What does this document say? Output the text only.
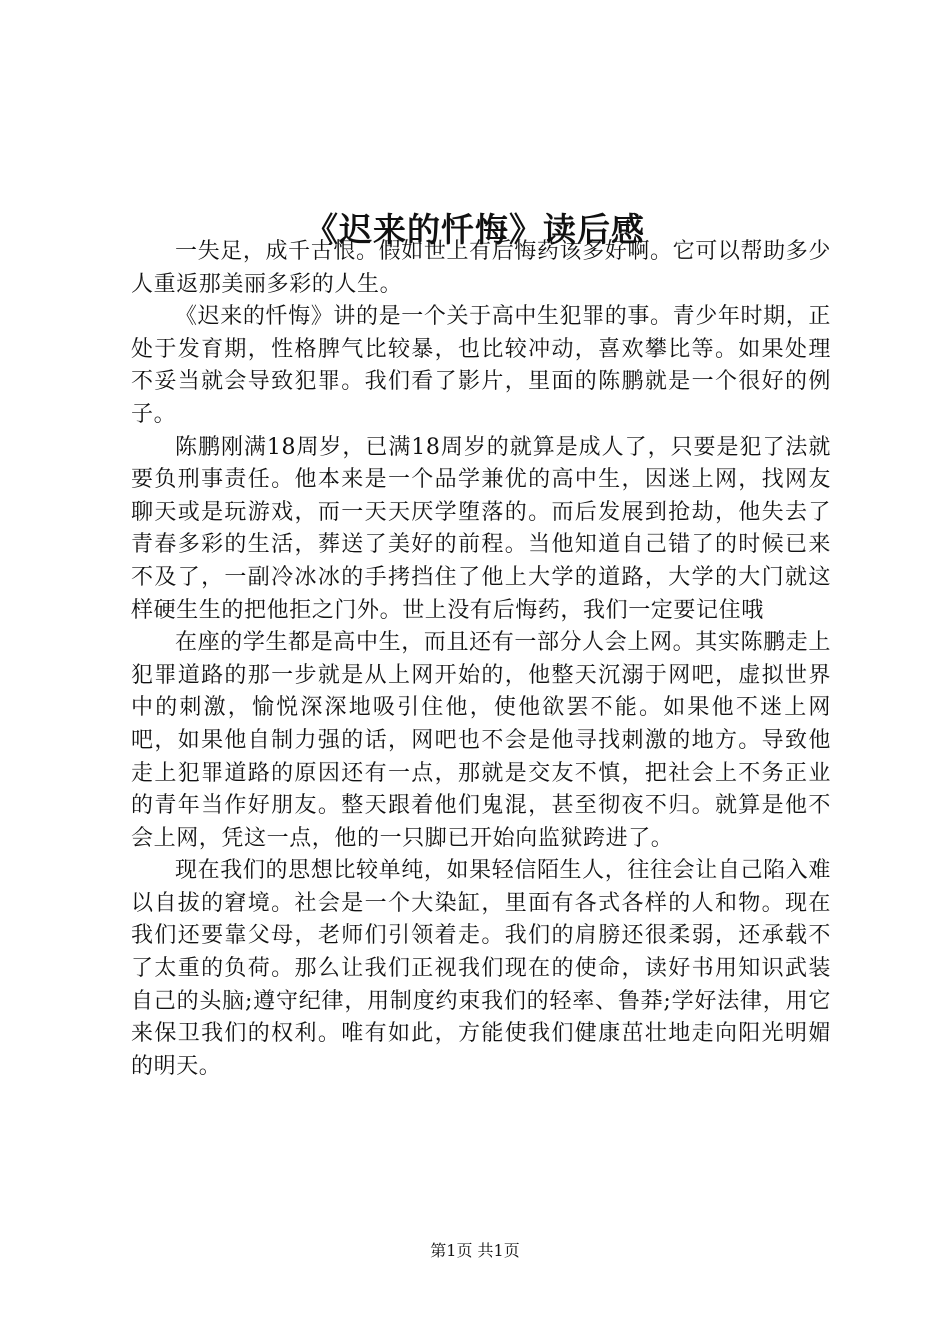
《迟来的忏悔》读后感

一失足，成千古恨。假如世上有后悔药该多好啊。它可以帮助多少人重返那美丽多彩的人生。

《迟来的忏悔》讲的是一个关于高中生犯罪的事。青少年时期，正处于发育期，性格脾气比较暴，也比较冲动，喜欢攀比等。如果处理不妥当就会导致犯罪。我们看了影片，里面的陈鹏就是一个很好的例子。

陈鹏刚满18周岁，已满18周岁的就算是成人了，只要是犯了法就要负刑事责任。他本来是一个品学兼优的高中生，因迷上网，找网友聊天或是玩游戏，而一天天厌学堕落的。而后发展到抢劫，他失去了青春多彩的生活，葬送了美好的前程。当他知道自己错了的时候已来不及了，一副冷冰冰的手拷挡住了他上大学的道路，大学的大门就这样硬生生的把他拒之门外。世上没有后悔药，我们一定要记住哦

在座的学生都是高中生，而且还有一部分人会上网。其实陈鹏走上犯罪道路的那一步就是从上网开始的，他整天沉溺于网吧，虚拟世界中的刺激，愉悦深深地吸引住他，使他欲罢不能。如果他不迷上网吧，如果他自制力强的话，网吧也不会是他寻找刺激的地方。导致他走上犯罪道路的原因还有一点，那就是交友不慎，把社会上不务正业的青年当作好朋友。整天跟着他们鬼混，甚至彻夜不归。就算是他不会上网，凭这一点，他的一只脚已开始向监狱跨进了。

现在我们的思想比较单纯，如果轻信陌生人，往往会让自己陷入难以自拔的窘境。社会是一个大染缸，里面有各式各样的人和物。现在我们还要靠父母，老师们引领着走。我们的肩膀还很柔弱，还承载不了太重的负荷。那么让我们正视我们现在的使命，读好书用知识武装自己的头脑;遵守纪律，用制度约束我们的轻率、鲁莽;学好法律，用它来保卫我们的权利。唯有如此，方能使我们健康茁壮地走向阳光明媚的明天。

第1页 共1页
